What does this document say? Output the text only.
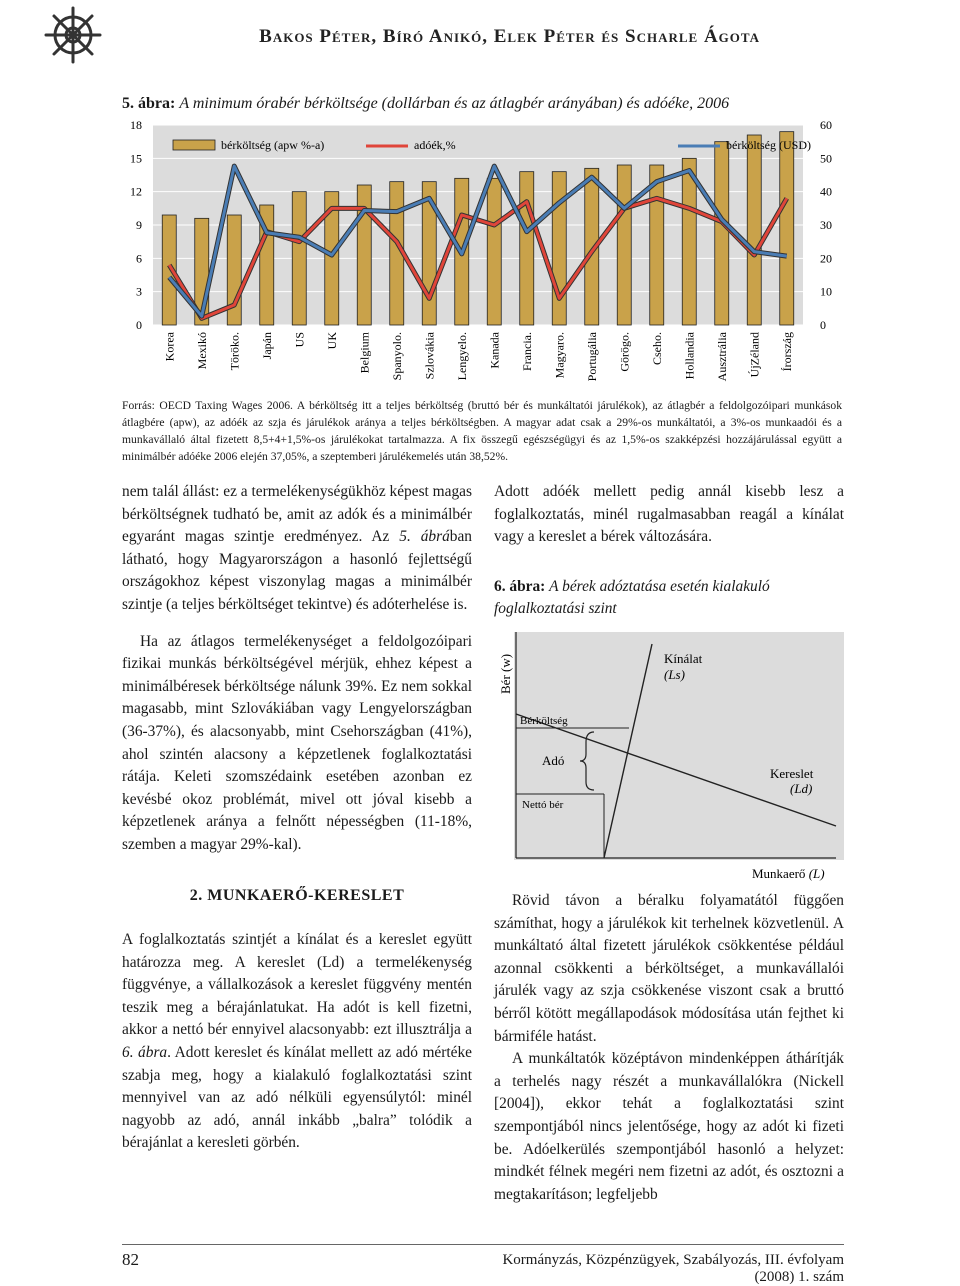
Bakos Péter, Bíró Anikó, Elek Péter és Scharle Ágota
5. ábra: A minimum órabér bérköltsége (dollárban és az átlagbér arányában) és adóéke, 2006
0
3
6
9
12
15
18
0
10
20
30
40
50
60
Korea Mexikó Törökо. Japán US UK Belgium Spanyolo. Szlovákia Lengyelo. Kanada Francia. Magyaro. Portugália Görögо. Cseho. Hollandia Ausztrália ÚjZéland Írország
bérköltség (apw %-a)	adóék,%	bérköltség (USD)
Forrás: OECD Taxing Wages 2006. A bérköltség itt a teljes bérköltség (bruttó bér és munkáltatói járulékok), az átlagbér a feldolgozóipari munkások átlagbére (apw), az adóék az szja és járulékok aránya a teljes bérköltségben. A magyar adat csak a 29%-os munkáltatói, a 3%-os munkaadói és a munkavállaló által fizetett 8,5+4+1,5%-os járulékokat tartalmazza. A fix összegű egészségügyi és az 1,5%-os szakképzési hozzájárulással együtt a minimálbér adóéke 2006 elején 37,05%, a szeptemberi járulékemelés után 38,52%.

nem talál állást: ez a termelékenységükhöz képest magas bérköltségnek tudható be, amit az adók és a minimálbér egyaránt magas szintje eredményez. Az 5. ábrában látható, hogy Magyarországon a hasonló fejlettségű országokhoz képest viszonylag magas a minimálbér szintje (a teljes bérköltséget tekintve) és adóterhelése is.

Ha az átlagos termelékenységet a feldolgozóipari fizikai munkás bérköltségével mérjük, ehhez képest a minimálbéresek bérköltsége nálunk 39%. Ez nem sokkal magasabb, mint Szlovákiában vagy Lengyelországban (36-37%), és alacsonyabb, mint Csehországban (41%), ahol szintén alacsony a képzetlenek foglalkoztatási rátája. Keleti szomszédaink esetében azonban ez kevésbé okoz problémát, mivel ott jóval kisebb a képzetlenek aránya a felnőtt népességben (11-18%, szemben a magyar 29%-kal).

2. MUNKAERŐ-KERESLET

A foglalkoztatás szintjét a kínálat és a kereslet együtt határozza meg. A kereslet (Ld) a termelékenység függvénye, a vállalkozások a kereslet függvény mentén teszik meg a bérajánlatukat. Ha adót is kell fizetni, akkor a nettó bér ennyivel alacsonyabb: ezt illusztrálja a 6. ábra. Adott kereslet és kínálat mellett az adó mértéke szabja meg, hogy a kialakuló foglalkoztatási szint mennyivel van az adó nélküli egyensúlytól: minél nagyobb az adó, annál inkább „balra” tolódik a bérajánlat a keresleti görbén.

Adott adóék mellett pedig annál kisebb lesz a foglalkoztatás, minél rugalmasabban reagál a kínálat vagy a kereslet a bérek változására.

6. ábra: A bérek adóztatása esetén kialakuló foglalkoztatási szint
Bér (w)
Bérköltség
Adó
Nettó bér
Kínálat
(Ls)
Kereslet
(Ld)
Munkaerő (L)

Rövid távon a béralku folyamatától függően számíthat, hogy a járulékok kit terhelnek közvetlenül. A munkáltató által fizetett járulékok csökkentése például azonnal csökkenti a bérköltséget, a munkavállalói járulék vagy az szja csökkenése viszont csak a bruttó bérről kötött megállapodások módosítása után fejthet ki bármiféle hatást.

A munkáltatók középtávon mindenképpen áthárítják a terhelés nagy részét a munkavállalókra (Nickell [2004]), ekkor tehát a foglalkoztatási szint szempontjából nincs jelentősége, hogy az adót ki fizeti be. Adóelkerülés szempontjából hasonló a helyzet: mindkét félnek megéri nem fizetni az adót, és osztozni a megtakarításon; legfeljebb

82	Kormányzás, Közpénzügyek, Szabályozás, III. évfolyam (2008) 1. szám
